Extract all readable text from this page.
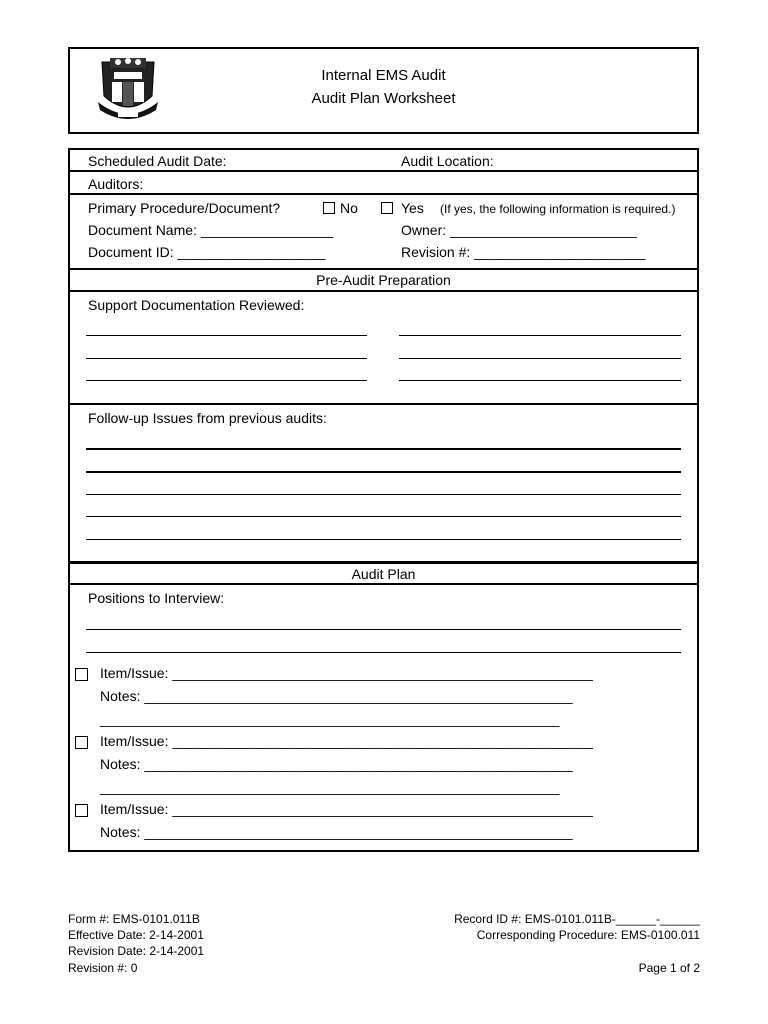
Internal EMS Audit
Audit Plan Worksheet
Scheduled Audit Date:	Audit Location:
Auditors:
Primary Procedure/Document?	No	Yes (If yes, the following information is required.)
Document Name: _________________	Owner: ________________________
Document ID: ___________________	Revision #: ______________________
Pre-Audit Preparation
Support Documentation Reviewed:
Follow-up Issues from previous audits:
Audit Plan
Positions to Interview:
Item/Issue: ______________________________________________________
Notes: _______________________________________________________
___________________________________________________________
Item/Issue: ______________________________________________________
Notes: _______________________________________________________
___________________________________________________________
Item/Issue: ______________________________________________________
Notes: _______________________________________________________
Form #: EMS-0101.011B
Effective Date: 2-14-2001
Revision Date: 2-14-2001
Revision #: 0
Record ID #: EMS-0101.011B-______-______
Corresponding Procedure: EMS-0100.011
Page 1 of 2
